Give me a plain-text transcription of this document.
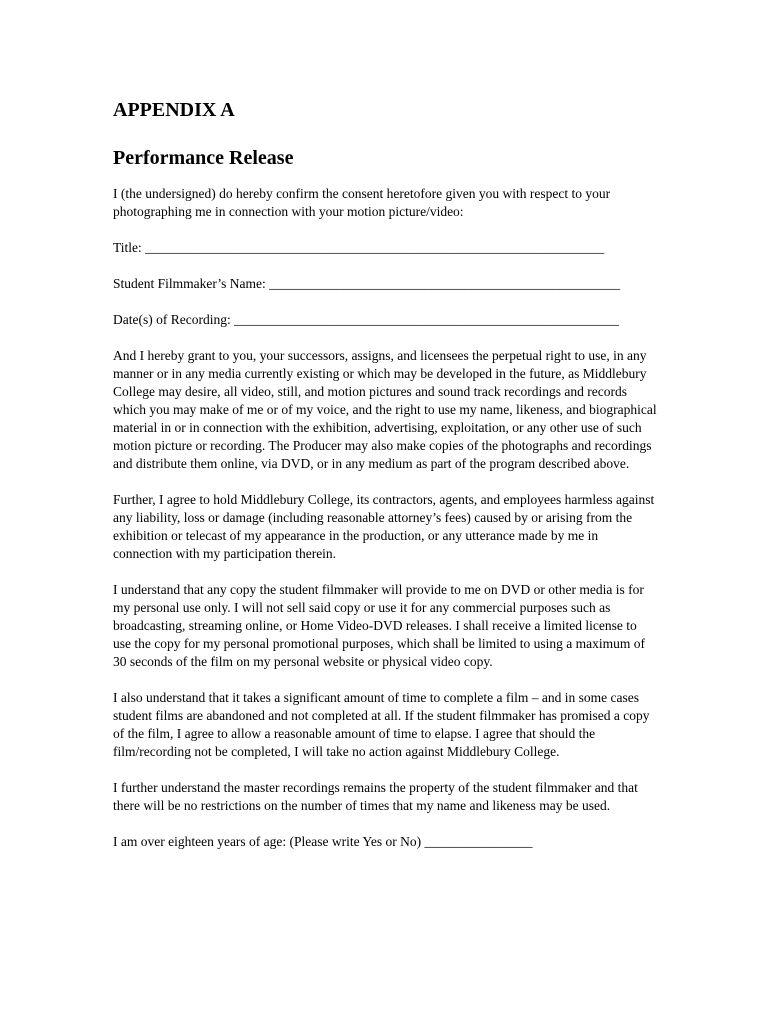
APPENDIX A
Performance Release

I (the undersigned) do hereby confirm the consent heretofore given you with respect to your photographing me in connection with your motion picture/video:

Title: ____________________________________________________________________

Student Filmmaker’s Name: ____________________________________________________

Date(s) of Recording: _________________________________________________________

And I hereby grant to you, your successors, assigns, and licensees the perpetual right to use, in any manner or in any media currently existing or which may be developed in the future, as Middlebury College may desire, all video, still, and motion pictures and sound track recordings and records which you may make of me or of my voice, and the right to use my name, likeness, and biographical material in or in connection with the exhibition, advertising, exploitation, or any other use of such motion picture or recording. The Producer may also make copies of the photographs and recordings and distribute them online, via DVD, or in any medium as part of the program described above.

Further, I agree to hold Middlebury College, its contractors, agents, and employees harmless against any liability, loss or damage (including reasonable attorney’s fees) caused by or arising from the exhibition or telecast of my appearance in the production, or any utterance made by me in connection with my participation therein.

I understand that any copy the student filmmaker will provide to me on DVD or other media is for my personal use only. I will not sell said copy or use it for any commercial purposes such as broadcasting, streaming online, or Home Video-DVD releases. I shall receive a limited license to use the copy for my personal promotional purposes, which shall be limited to using a maximum of 30 seconds of the film on my personal website or physical video copy.

I also understand that it takes a significant amount of time to complete a film – and in some cases student films are abandoned and not completed at all. If the student filmmaker has promised a copy of the film, I agree to allow a reasonable amount of time to elapse. I agree that should the film/recording not be completed, I will take no action against Middlebury College.

I further understand the master recordings remains the property of the student filmmaker and that there will be no restrictions on the number of times that my name and likeness may be used.

I am over eighteen years of age: (Please write Yes or No) ________________
